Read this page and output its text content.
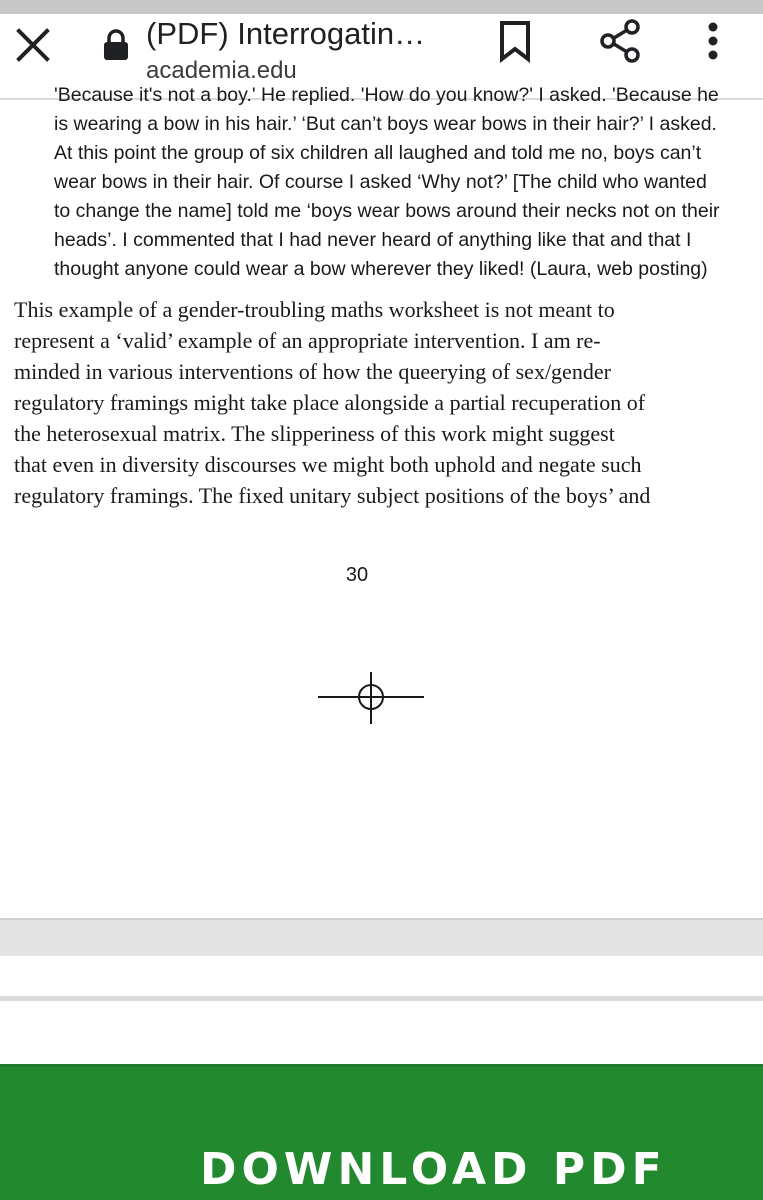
(PDF) Interrogatin…
academia.edu
'Because it's not a boy.' He replied. 'How do you know?' I asked. 'Because he
is wearing a bow in his hair.’ ‘But can’t boys wear bows in their hair?’ I asked.
At this point the group of six children all laughed and told me no, boys can’t
wear bows in their hair. Of course I asked ‘Why not?’ [The child who wanted
to change the name] told me ‘boys wear bows around their necks not on their
heads’. I commented that I had never heard of anything like that and that I
thought anyone could wear a bow wherever they liked! (Laura, web posting)
This example of a gender-troubling maths worksheet is not meant to
represent a ‘valid’ example of an appropriate intervention. I am re-
minded in various interventions of how the queerying of sex/gender
regulatory framings might take place alongside a partial recuperation of
the heterosexual matrix. The slipperiness of this work might suggest
that even in diversity discourses we might both uphold and negate such
regulatory framings. The fixed unitary subject positions of the boys’ and
30
DOWNLOAD PDF
